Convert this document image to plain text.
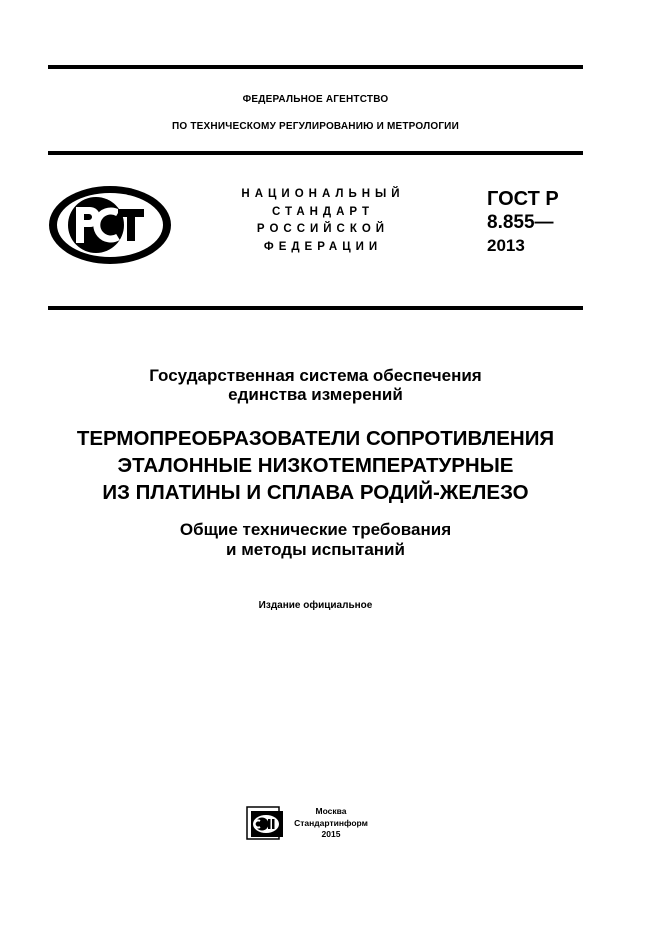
ФЕДЕРАЛЬНОЕ АГЕНТСТВО
ПО ТЕХНИЧЕСКОМУ РЕГУЛИРОВАНИЮ И МЕТРОЛОГИИ
НАЦИОНАЛЬНЫЙ
СТАНДАРТ
РОССИЙСКОЙ
ФЕДЕРАЦИИ
ГОСТ Р
8.855—
2013
Государственная система обеспечения
единства измерений
ТЕРМОПРЕОБРАЗОВАТЕЛИ СОПРОТИВЛЕНИЯ
ЭТАЛОННЫЕ НИЗКОТЕМПЕРАТУРНЫЕ
ИЗ ПЛАТИНЫ И СПЛАВА РОДИЙ-ЖЕЛЕЗО
Общие технические требования
и методы испытаний
Издание официальное
Москва
Стандартинформ
2015
